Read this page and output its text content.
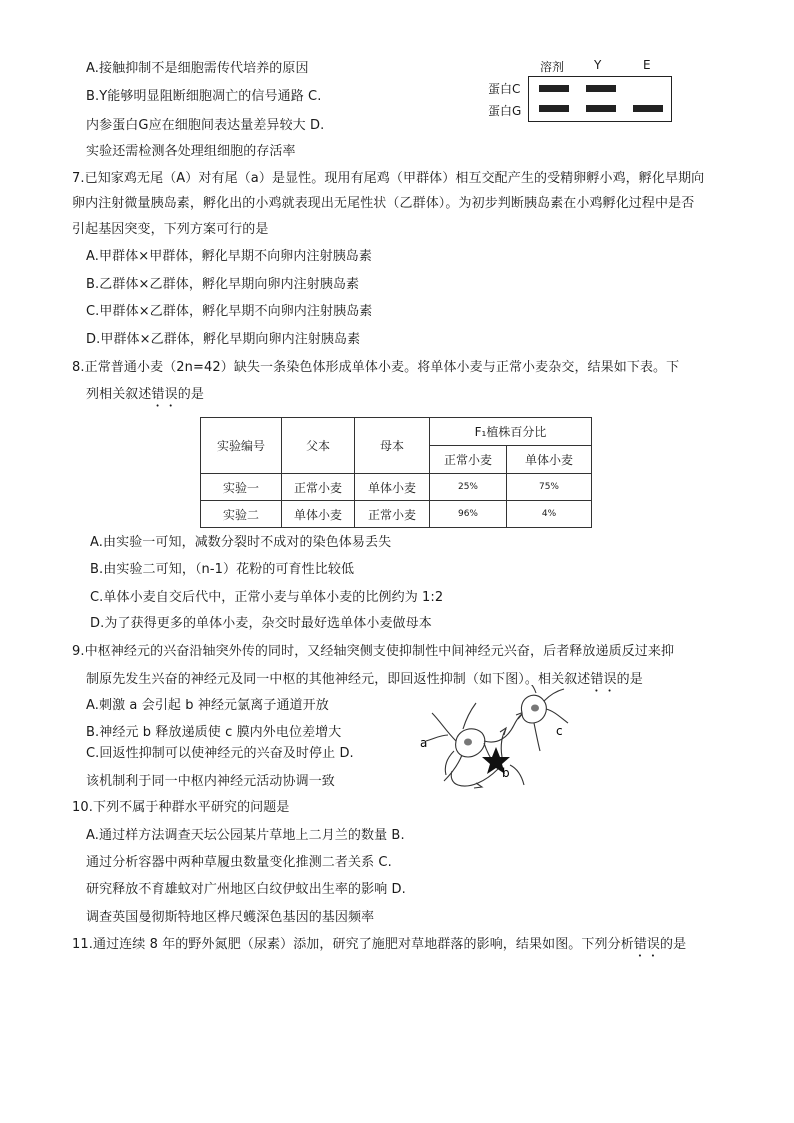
A.接触抑制不是细胞需传代培养的原因
B.Y能够明显阻断细胞凋亡的信号通路 C.
内参蛋白G应在细胞间表达量差异较大 D.
实验还需检测各处理组细胞的存活率
溶剂 Y	E
蛋白C
蛋白G
7.已知家鸡无尾（A）对有尾（a）是显性。现用有尾鸡（甲群体）相互交配产生的受精卵孵小鸡，孵化早期向
卵内注射微量胰岛素，孵化出的小鸡就表现出无尾性状（乙群体）。为初步判断胰岛素在小鸡孵化过程中是否
引起基因突变，下列方案可行的是
A.甲群体×甲群体，孵化早期不向卵内注射胰岛素
B.乙群体×乙群体，孵化早期向卵内注射胰岛素
C.甲群体×乙群体，孵化早期不向卵内注射胰岛素
D.甲群体×乙群体，孵化早期向卵内注射胰岛素
8.正常普通小麦（2n=42）缺失一条染色体形成单体小麦。将单体小麦与正常小麦杂交，结果如下表。下
列相关叙述错误的是
实验编号	父本	母本	F₁植株百分比	
			正常小麦	单体小麦
实验一	正常小麦	单体小麦	25%	75%
实验二	单体小麦	正常小麦	96%	4%
A.由实验一可知，减数分裂时不成对的染色体易丢失
B.由实验二可知，（n-1）花粉的可育性比较低
C.单体小麦自交后代中，正常小麦与单体小麦的比例约为 1:2
D.为了获得更多的单体小麦，杂交时最好选单体小麦做母本
9.中枢神经元的兴奋沿轴突外传的同时，又经轴突侧支使抑制性中间神经元兴奋，后者释放递质反过来抑
制原先发生兴奋的神经元及同一中枢的其他神经元，即回返性抑制（如下图）。相关叙述错误的是
A.刺激 a 会引起 b 神经元氯离子通道开放
B.神经元 b 释放递质使 c 膜内外电位差增大
C.回返性抑制可以使神经元的兴奋及时停止 D.
该机制利于同一中枢内神经元活动协调一致
a
b
c
10.下列不属于种群水平研究的问题是
A.通过样方法调查天坛公园某片草地上二月兰的数量 B.
通过分析容器中两种草履虫数量变化推测二者关系 C.
研究释放不育雄蚊对广州地区白纹伊蚊出生率的影响 D.
调查英国曼彻斯特地区桦尺蠖深色基因的基因频率
11.通过连续 8 年的野外氮肥（尿素）添加，研究了施肥对草地群落的影响，结果如图。下列分析错误的是
